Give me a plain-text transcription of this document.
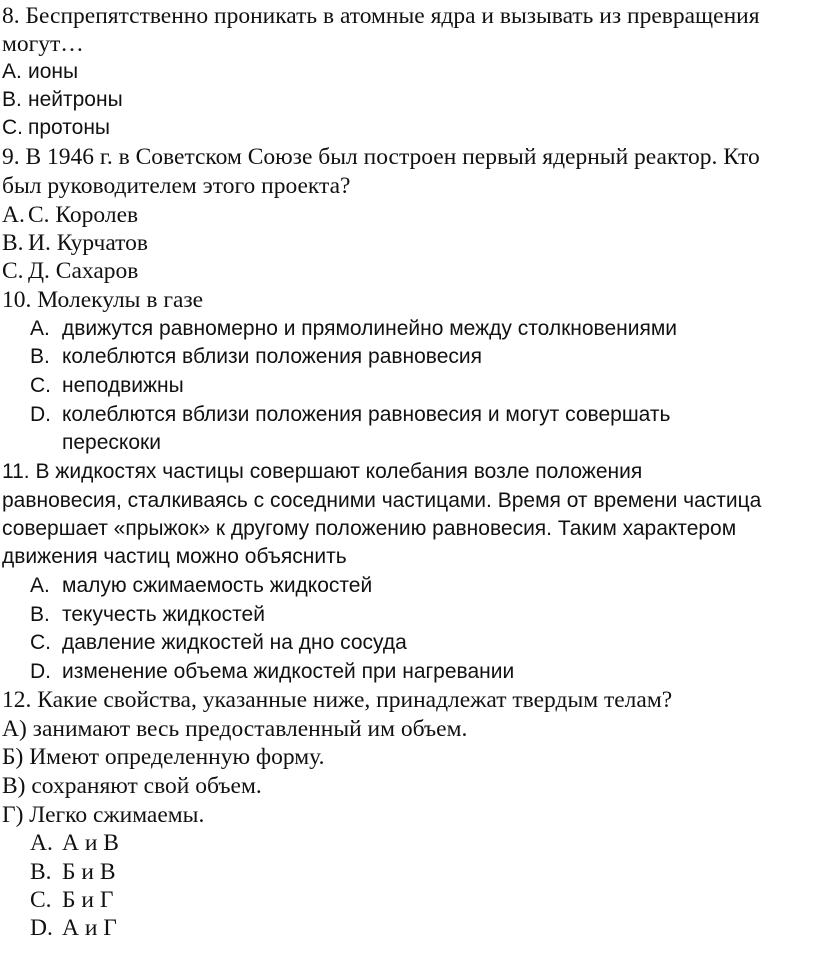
8. Беспрепятственно проникать в атомные ядра и вызывать из превращения
могут…
A. ионы
B. нейтроны
C. протоны
9. В 1946 г. в Советском Союзе был построен первый ядерный реактор. Кто
был руководителем этого проекта?
A. С. Королев
B. И. Курчатов
C. Д. Сахаров
10. Молекулы в газе
A. движутся равномерно и прямолинейно между столкновениями
B. колеблются вблизи положения равновесия
C. неподвижны
D. колеблются вблизи положения равновесия и могут совершать
перескоки
11. В жидкостях частицы совершают колебания возле положения
равновесия, сталкиваясь с соседними частицами. Время от времени частица
совершает «прыжок» к другому положению равновесия. Таким характером
движения частиц можно объяснить
A. малую сжимаемость жидкостей
B. текучесть жидкостей
C. давление жидкостей на дно сосуда
D. изменение объема жидкостей при нагревании
12. Какие свойства, указанные ниже, принадлежат твердым телам?
А) занимают весь предоставленный им объем.
Б) Имеют определенную форму.
В) сохраняют свой объем.
Г) Легко сжимаемы.
A. А и В
B. Б и В
C. Б и Г
D. А и Г
